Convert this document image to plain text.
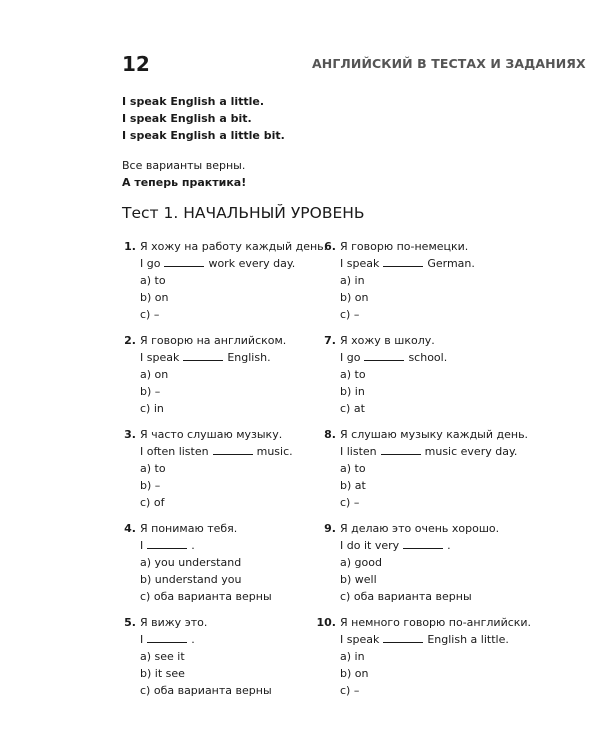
12	АНГЛИЙСКИЙ В ТЕСТАХ И ЗАДАНИЯХ
I speak English a little.
I speak English a bit.
I speak English a little bit.
Все варианты верны.
А теперь практика!
Тест 1. НАЧАЛЬНЫЙ УРОВЕНЬ
1. Я хожу на работу каждый день.
I go	work every day.
a) to
b) on
c) –
2. Я говорю на английском.
I speak	English.
a) on
b) –
c) in
3. Я часто слушаю музыку.
I often listen	music.
a) to
b) –
c) of
4. Я понимаю тебя.
I	.
a) you understand
b) understand you
c) оба варианта верны
5. Я вижу это.
I	.
a) see it
b) it see
c) оба варианта верны
6. Я говорю по-немецки.
I speak	German.
a) in
b) on
c) –
7. Я хожу в школу.
I go	school.
a) to
b) in
c) at
8. Я слушаю музыку каждый день.
I listen	music every day.
a) to
b) at
c) –
9. Я делаю это очень хорошо.
I do it very	.
a) good
b) well
c) оба варианта верны
10. Я немного говорю по-английски.
I speak	English a little.
a) in
b) on
c) –
